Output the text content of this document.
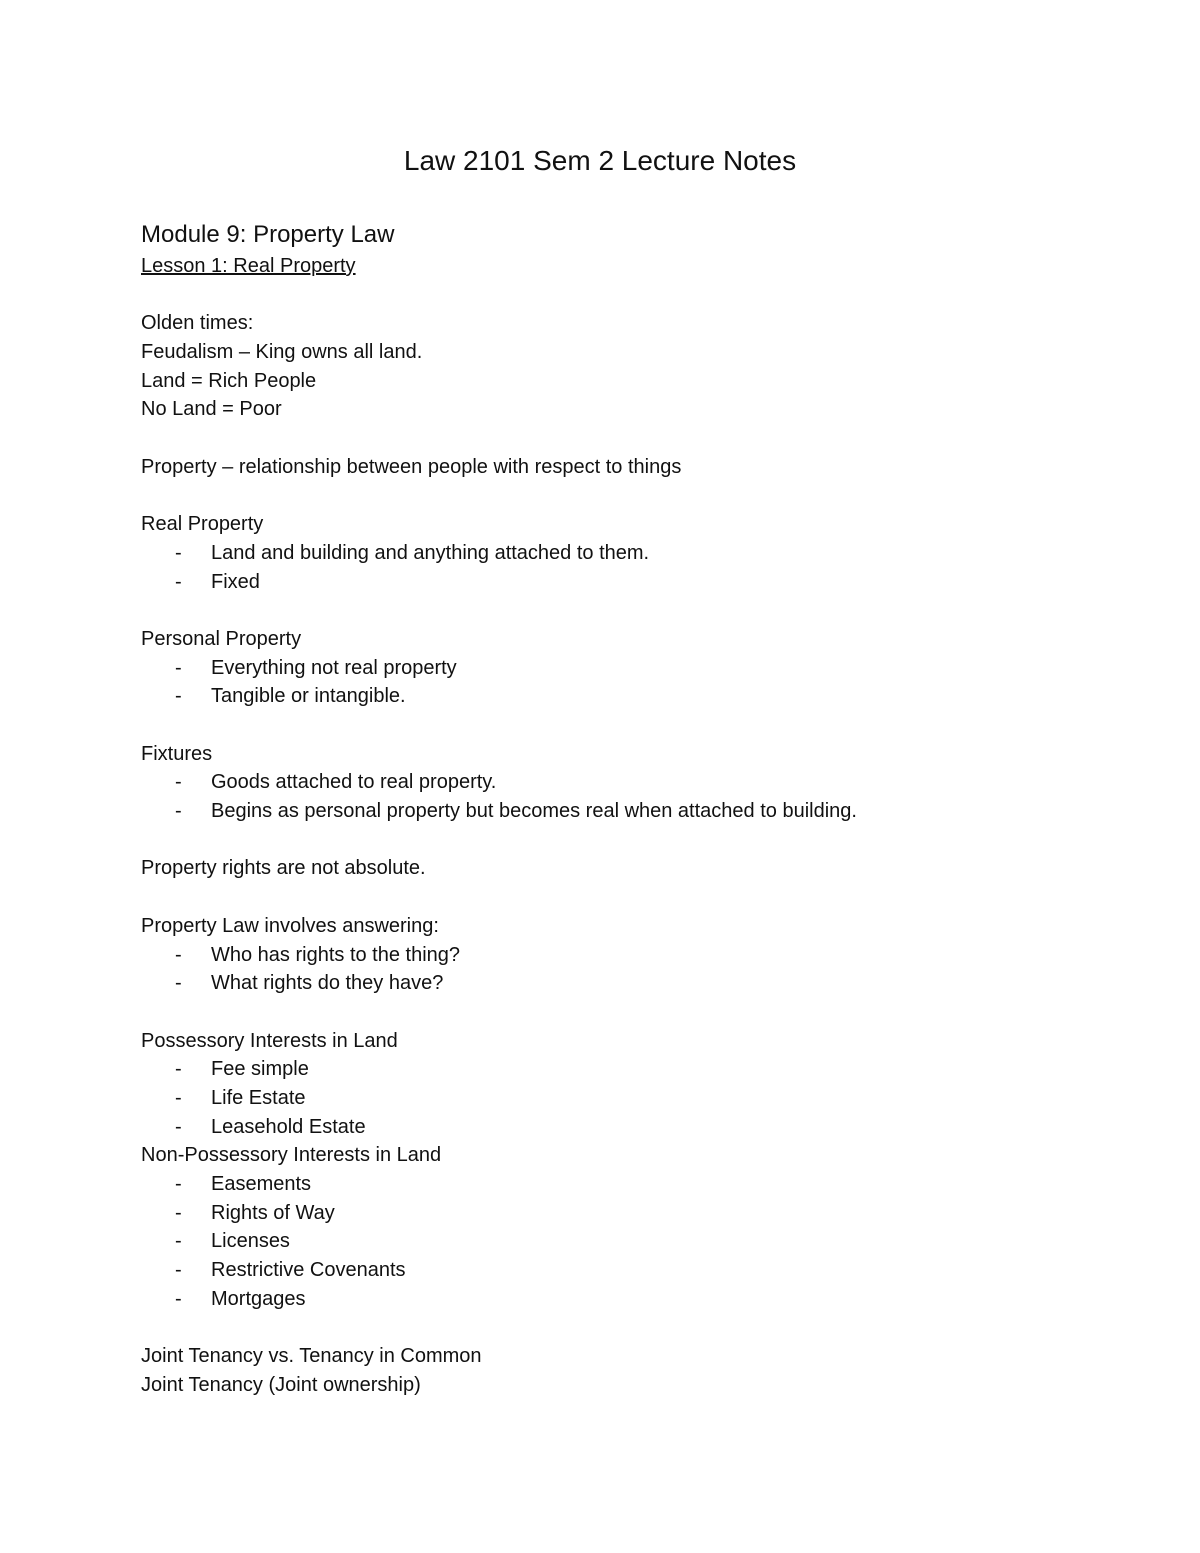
Law 2101 Sem 2 Lecture Notes
Module 9: Property Law
Lesson 1: Real Property
Olden times:
Feudalism – King owns all land.
Land = Rich People
No Land = Poor
Property – relationship between people with respect to things
Real Property
-	Land and building and anything attached to them.
-	Fixed
Personal Property
-	Everything not real property
-	Tangible or intangible.
Fixtures
-	Goods attached to real property.
-	Begins as personal property but becomes real when attached to building.
Property rights are not absolute.
Property Law involves answering:
-	Who has rights to the thing?
-	What rights do they have?
Possessory Interests in Land
-	Fee simple
-	Life Estate
-	Leasehold Estate
Non-Possessory Interests in Land
-	Easements
-	Rights of Way
-	Licenses
-	Restrictive Covenants
-	Mortgages
Joint Tenancy vs. Tenancy in Common
Joint Tenancy (Joint ownership)
